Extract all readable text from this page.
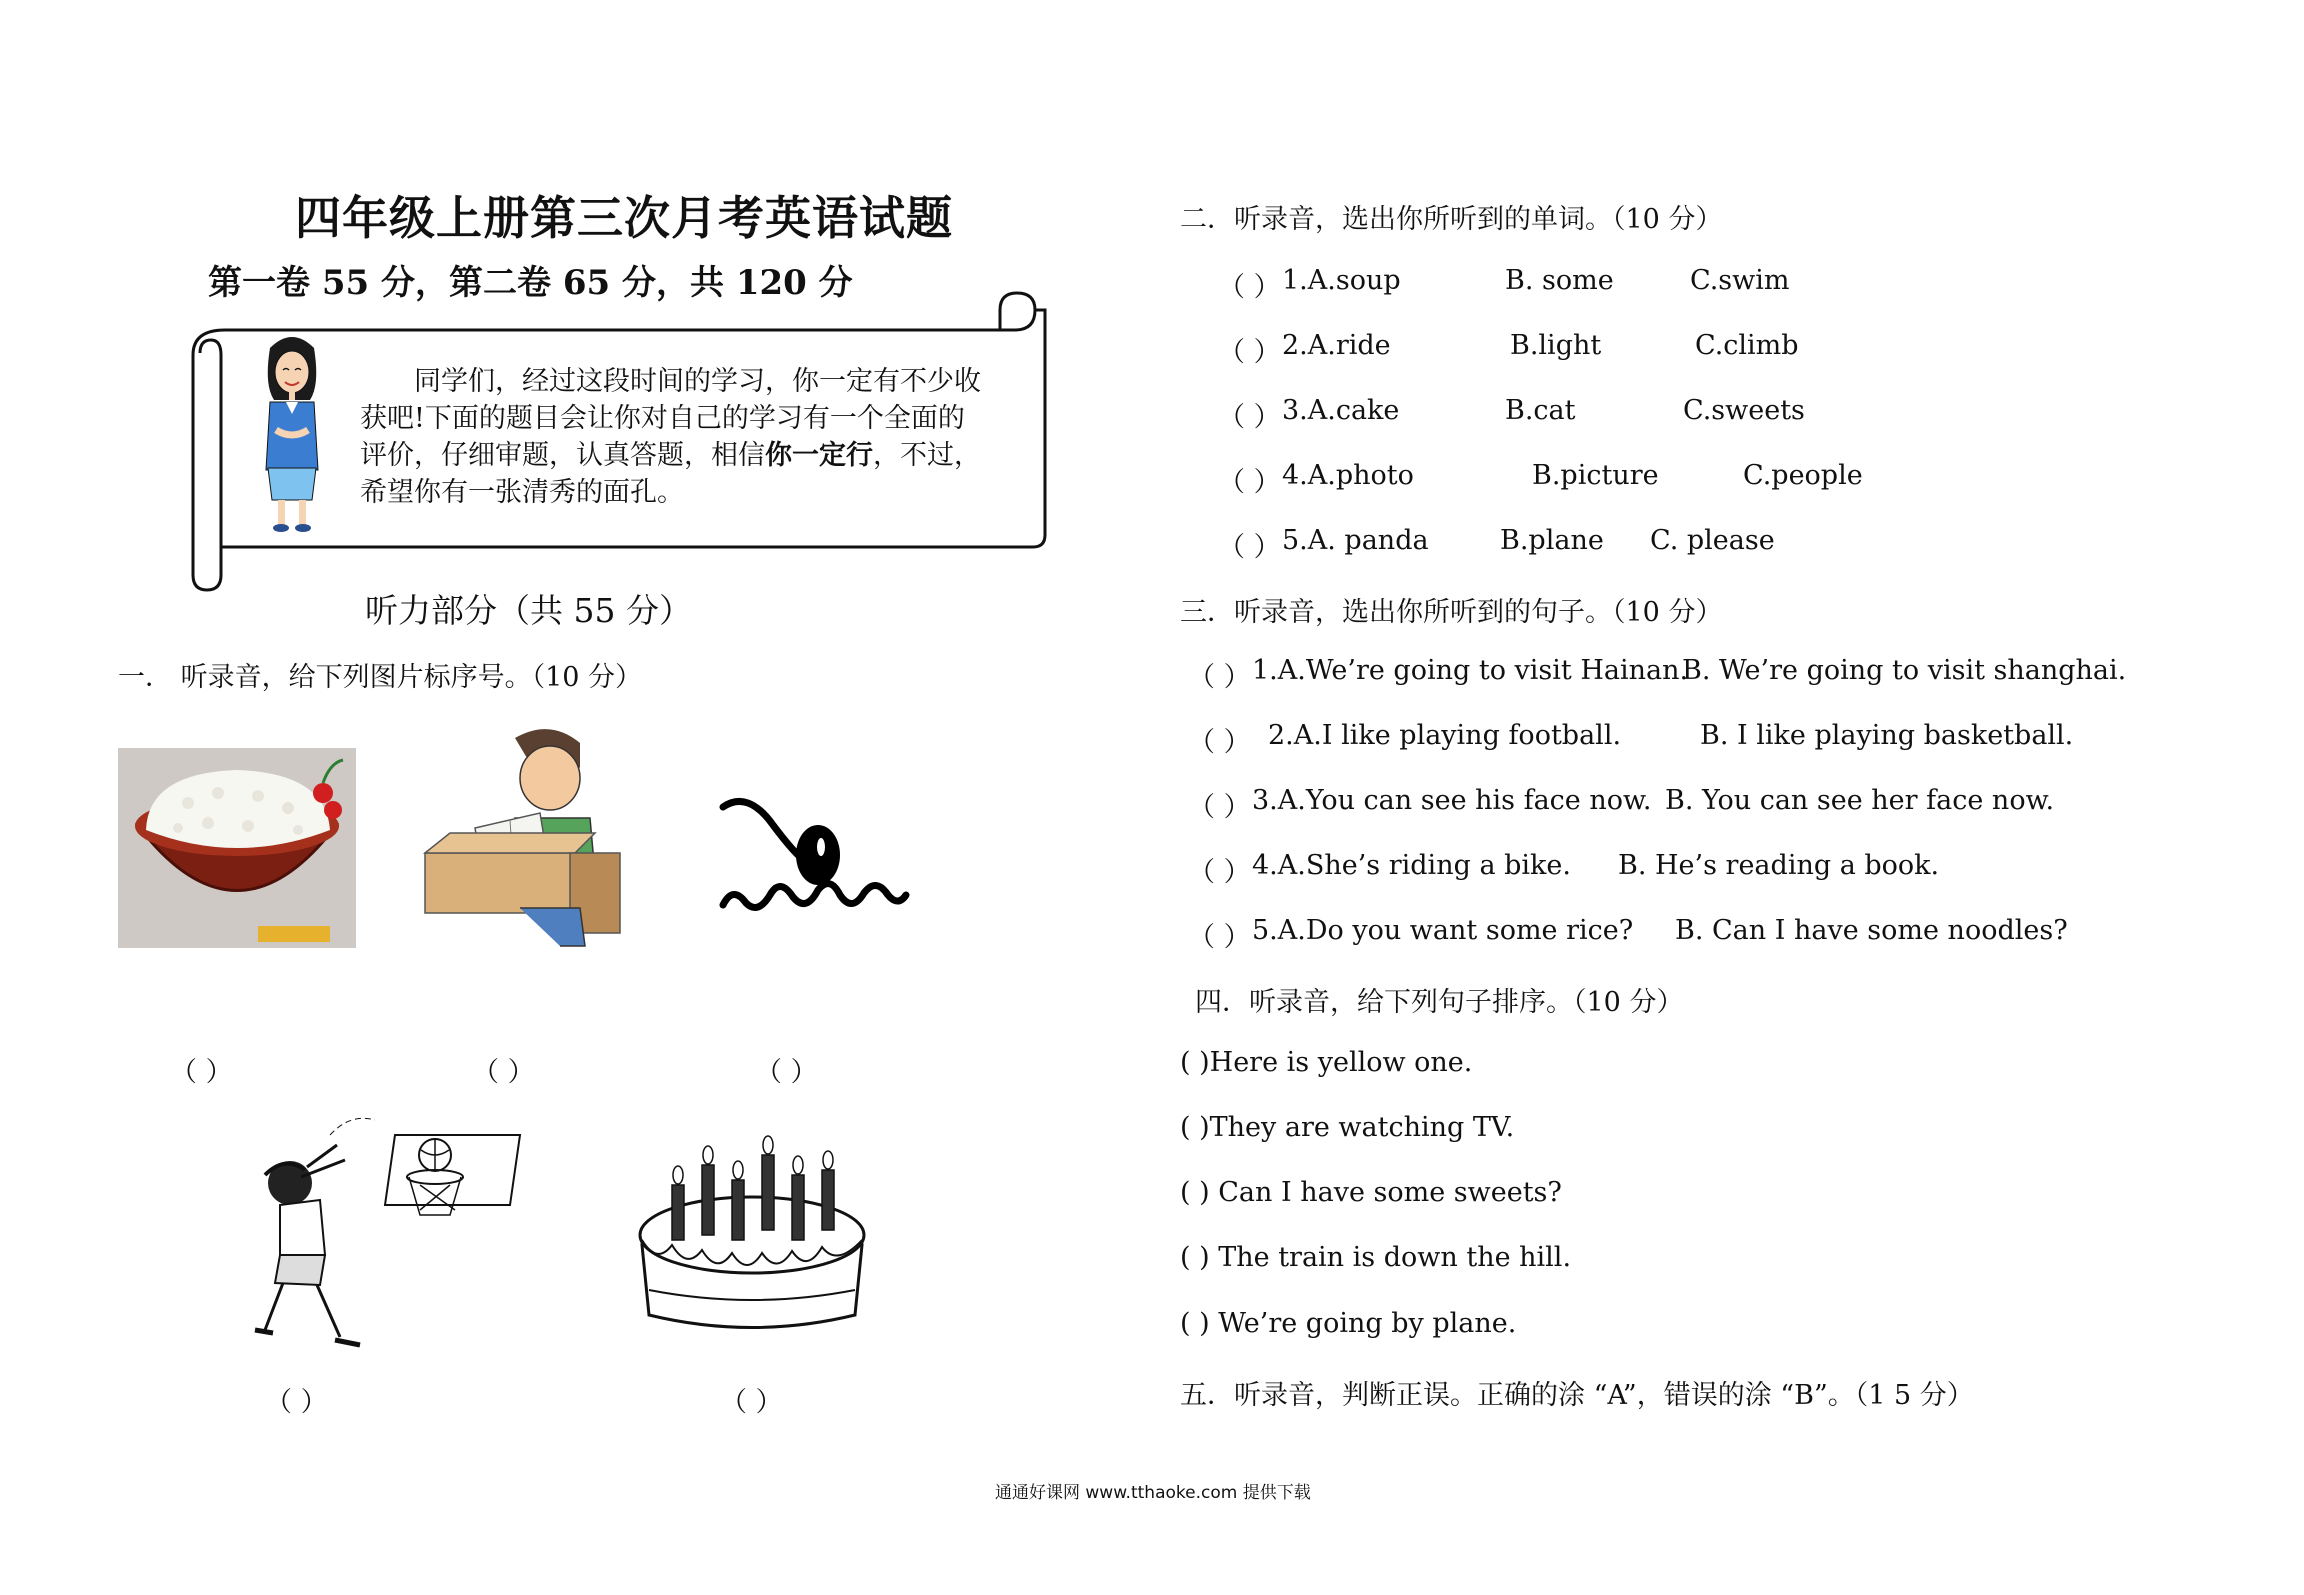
四年级上册第三次月考英语试题
第一卷 55 分，第二卷 65 分，共 120 分
同学们，经过这段时间的学习，你一定有不少收获吧!下面的题目会让你对自己的学习有一个全面的评价，仔细审题，认真答题，相信你一定行，不过，希望你有一张清秀的面孔。
听力部分（共 55 分）
一． 听录音，给下列图片标序号。（10 分）
（ ）	（ ）	（ ）
（ ）	（ ）
二．听录音，选出你所听到的单词。（10 分）
（ ） 1.A.soup	B. some	C.swim
（ ） 2.A.ride	B.light	C.climb
（ ） 3.A.cake	B.cat	C.sweets
（ ） 4.A.photo	B.picture	C.people
（ ） 5.A. panda	B.plane C. please
三．听录音，选出你所听到的句子。（10 分）
（ ） 1.A.We’re going to visit Hainan.
B. We’re going to visit shanghai.
（ ） 2.A.I like playing football.	B. I like playing basketball.
（ ） 3.A.You can see his face now. B. You can see her face now.
（ ） 4.A.She’s riding a bike. B. He’s reading a book.
（ ） 5.A.Do you want some rice? B. Can I have some noodles?
四．听录音，给下列句子排序。（10 分）
( )Here is yellow one.
( )They are watching TV.
( ) Can I have some sweets?
( ) The train is down the hill.
( ) We’re going by plane.
五．听录音，判断正误。正确的涂 “A”，错误的涂 “B”。（1 5 分）
通通好课网 www.tthaoke.com 提供下载
